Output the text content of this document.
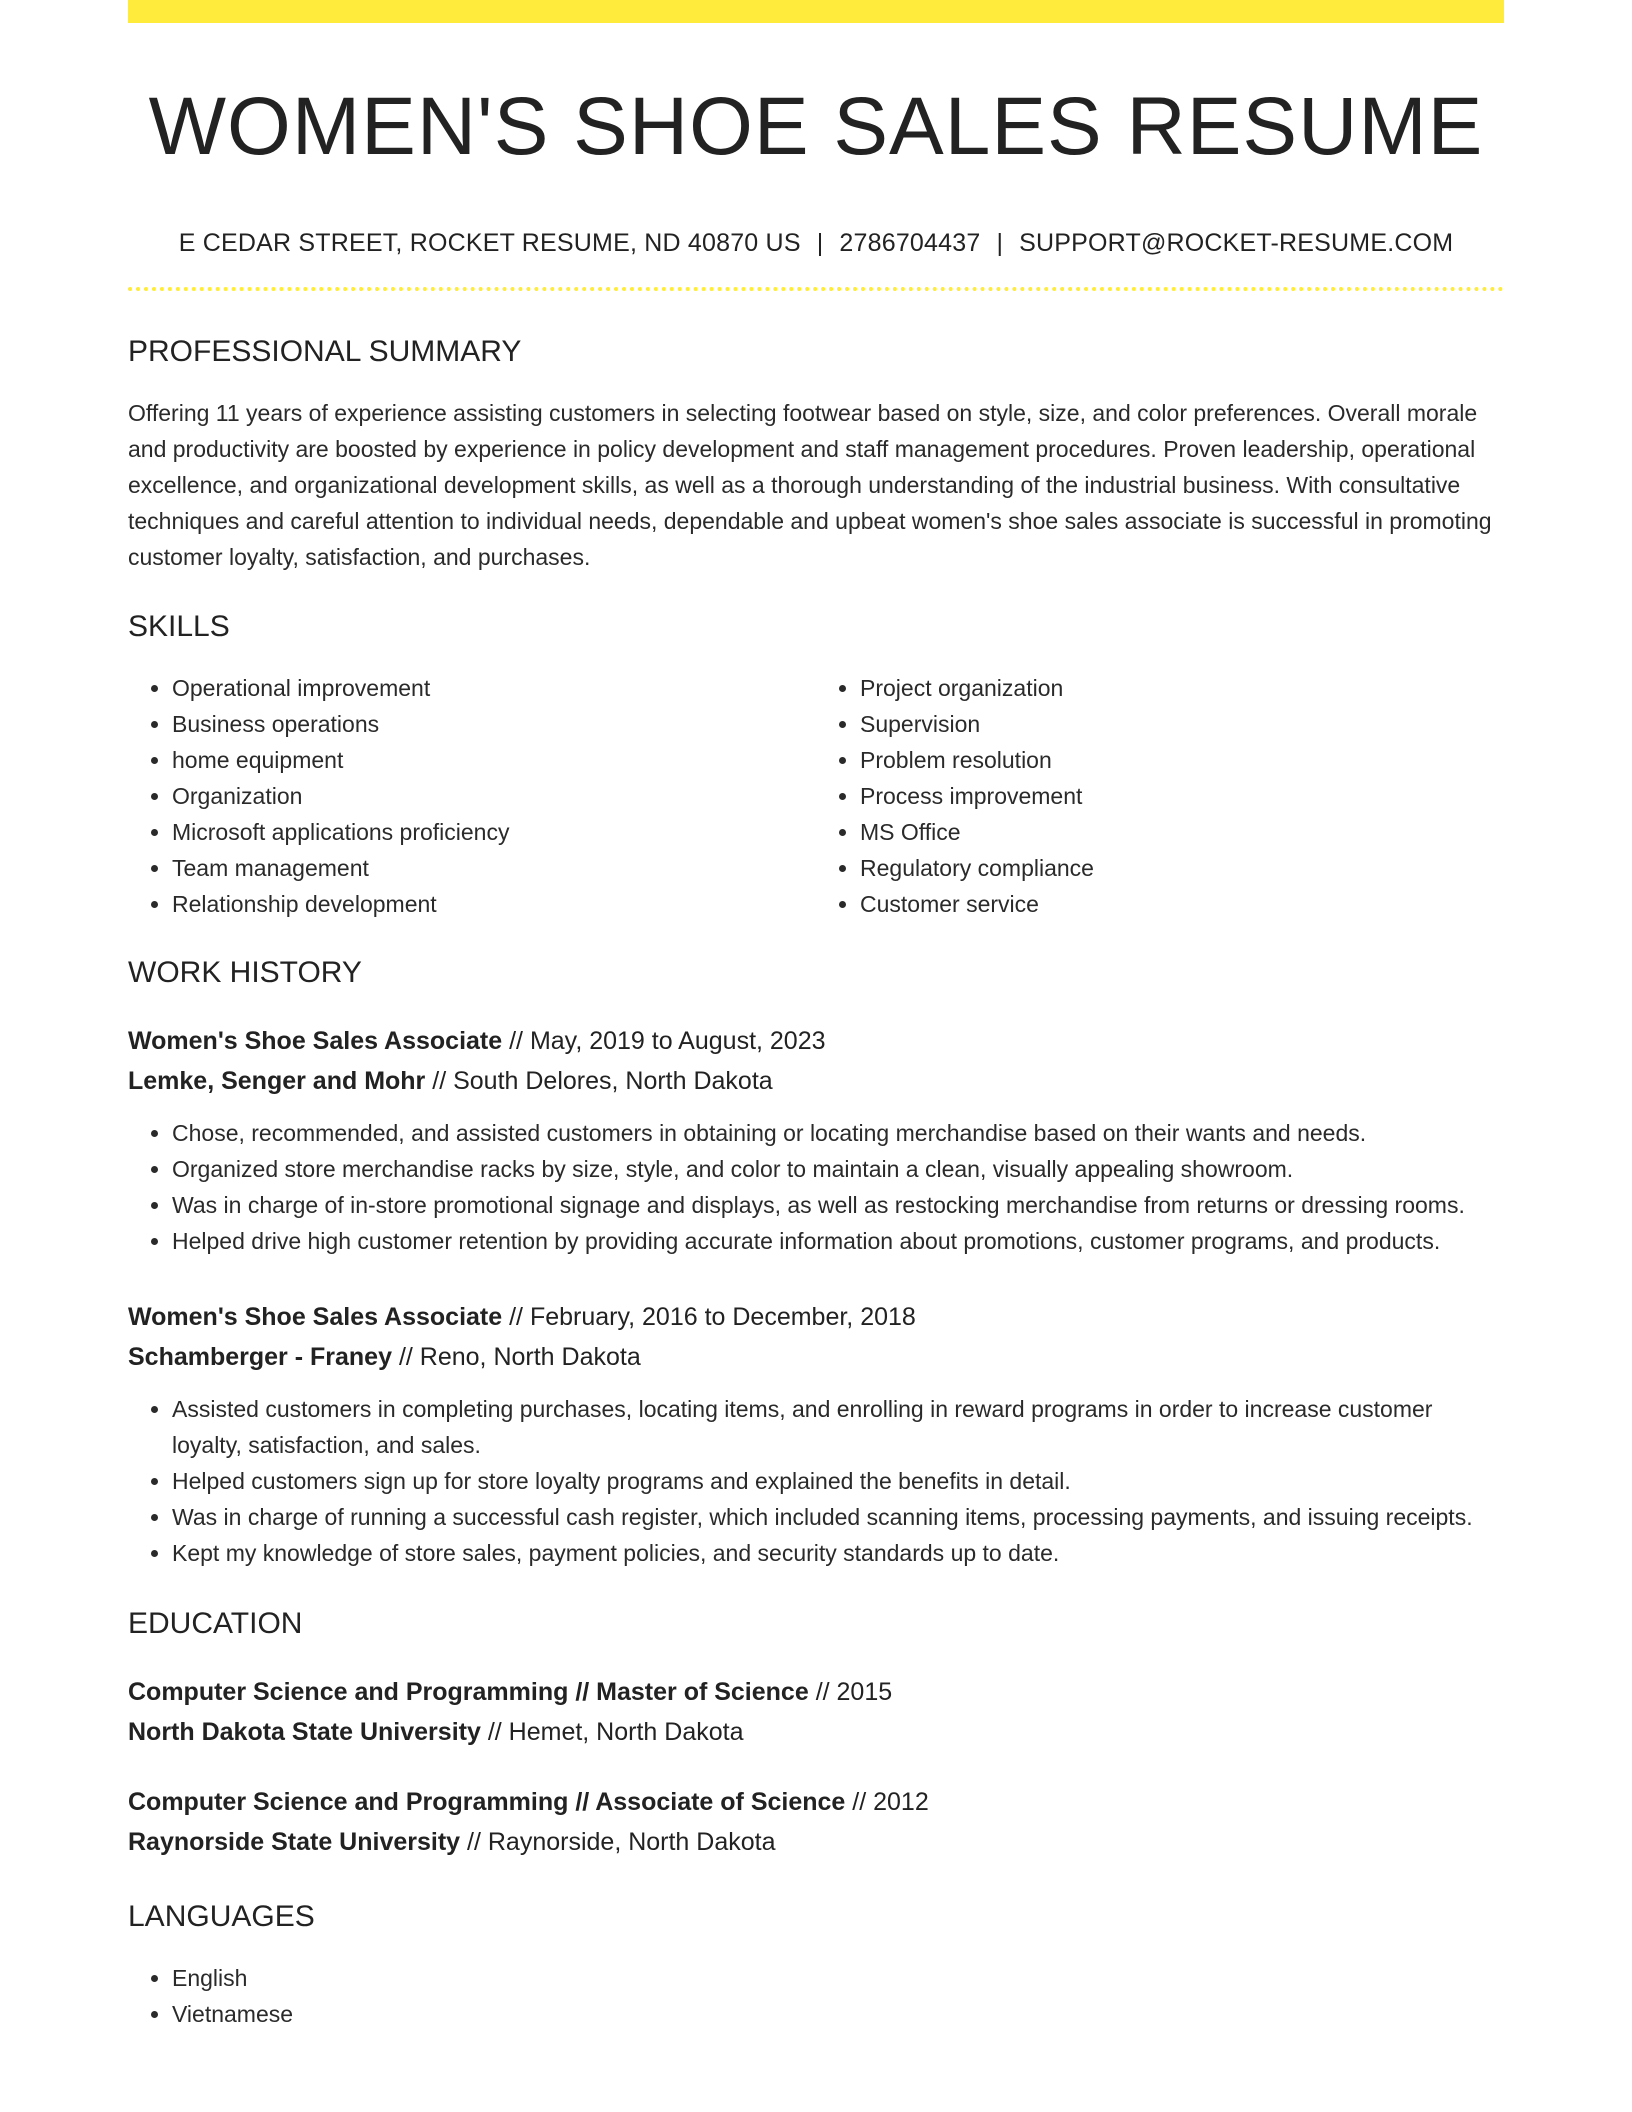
WOMEN'S SHOE SALES RESUME
E CEDAR STREET, ROCKET RESUME, ND 40870 US | 2786704437 | SUPPORT@ROCKET-RESUME.COM
PROFESSIONAL SUMMARY
Offering 11 years of experience assisting customers in selecting footwear based on style, size, and color preferences. Overall morale and productivity are boosted by experience in policy development and staff management procedures. Proven leadership, operational excellence, and organizational development skills, as well as a thorough understanding of the industrial business. With consultative techniques and careful attention to individual needs, dependable and upbeat women's shoe sales associate is successful in promoting customer loyalty, satisfaction, and purchases.
SKILLS
• Operational improvement
• Business operations
• home equipment
• Organization
• Microsoft applications proficiency
• Team management
• Relationship development
• Project organization
• Supervision
• Problem resolution
• Process improvement
• MS Office
• Regulatory compliance
• Customer service
WORK HISTORY
Women's Shoe Sales Associate // May, 2019 to August, 2023
Lemke, Senger and Mohr // South Delores, North Dakota
• Chose, recommended, and assisted customers in obtaining or locating merchandise based on their wants and needs.
• Organized store merchandise racks by size, style, and color to maintain a clean, visually appealing showroom.
• Was in charge of in-store promotional signage and displays, as well as restocking merchandise from returns or dressing rooms.
• Helped drive high customer retention by providing accurate information about promotions, customer programs, and products.
Women's Shoe Sales Associate // February, 2016 to December, 2018
Schamberger - Franey // Reno, North Dakota
• Assisted customers in completing purchases, locating items, and enrolling in reward programs in order to increase customer loyalty, satisfaction, and sales.
• Helped customers sign up for store loyalty programs and explained the benefits in detail.
• Was in charge of running a successful cash register, which included scanning items, processing payments, and issuing receipts.
• Kept my knowledge of store sales, payment policies, and security standards up to date.
EDUCATION
Computer Science and Programming // Master of Science // 2015
North Dakota State University // Hemet, North Dakota
Computer Science and Programming // Associate of Science // 2012
Raynorside State University // Raynorside, North Dakota
LANGUAGES
• English
• Vietnamese
